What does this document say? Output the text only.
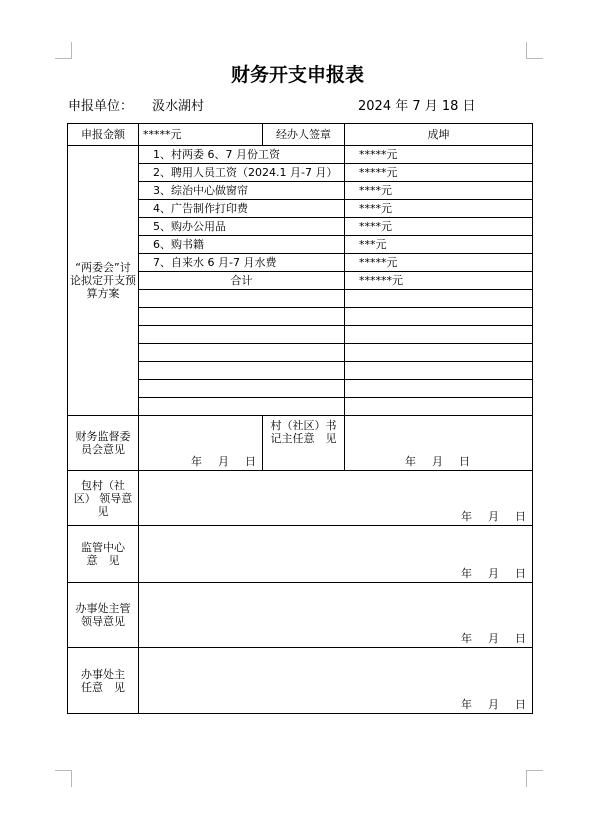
财务开支申报表
申报单位： 汲水湖村	2024 年 7 月 18 日
申报金额	*****元	经办人签章	成坤
“两委会”讨论拟定开支预算方案	1、村两委 6、7 月份工资		*****元
	2、聘用人员工资（2024.1 月-7 月）		*****元
	3、综治中心做窗帘		****元
	4、广告制作打印费		****元
	5、购办公用品		****元
	6、购书籍		***元
	7、自来水 6 月-7 月水费		*****元
	合计		******元

财务监督委员会意见	年 月 日	村（社区）书记主任意　见	年 月 日
包村（社区） 领导意见	年 月 日		
监管中心意　见	年 月 日		
办事处主管领导意见	年 月 日		
办事处主任意　见	年 月 日		
